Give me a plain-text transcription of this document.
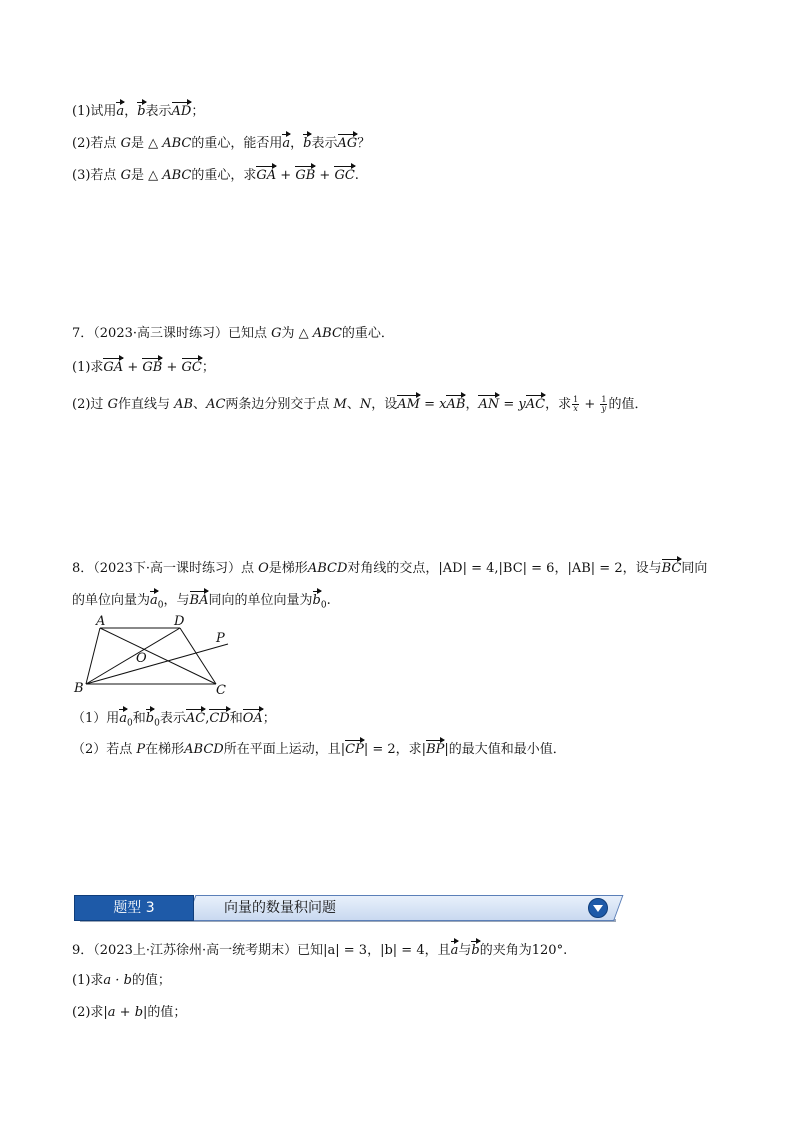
(1)试用a，b表示AD；
(2)若点 G是 △ ABC的重心，能否用a，b表示AG？
(3)若点 G是 △ ABC的重心，求GA + GB + GC.
7．（2023·高三课时练习）已知点 G为 △ ABC的重心．
(1)求GA + GB + GC；
(2)过 G作直线与 AB、AC两条边分别交于点 M、N，设AM = xAB，AN = yAC，求 $\frac{1}{x} + \frac{1}{y}$ 的值．
8．（2023下·高一课时练习）点 O是梯形ABCD对角线的交点，|AD| = 4,|BC| = 6，|AB| = 2，设与BC同向
的单位向量为$a_0$，与BA同向的单位向量为$b_0$.
A	D
P
O
B	C
（1）用$a_0$和$b_0$表示AC,CD和OA；
（2）若点 P在梯形ABCD所在平面上运动，且|CP| = 2，求|BP|的最大值和最小值．
题型 3	向量的数量积问题
9．（2023上·江苏徐州·高一统考期末）已知|a| = 3，|b| = 4，且a与b的夹角为120°.
(1)求a · b的值；
(2)求|a + b|的值；
